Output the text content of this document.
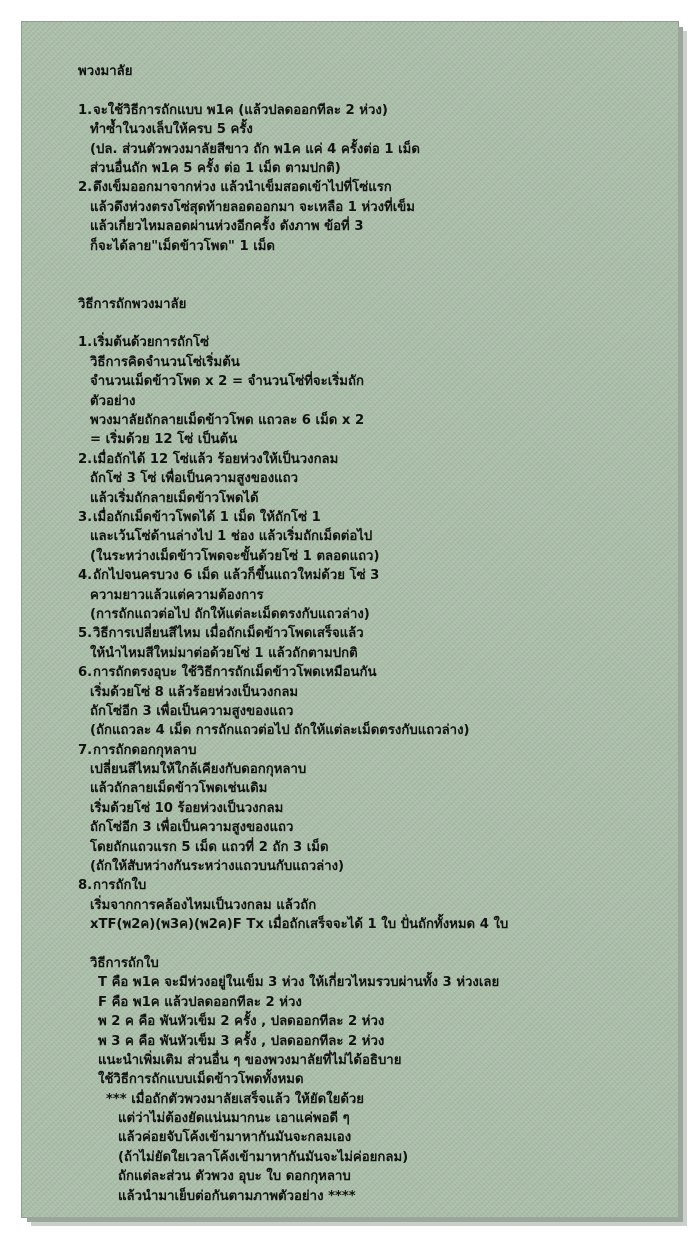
พวงมาลัย
1.จะใช้วิธีการถักแบบ พ1ค (แล้วปลดออกทีละ 2 ห่วง)
ทำซ้ำในวงเล็บให้ครบ 5 ครั้ง
(ปล. ส่วนตัวพวงมาลัยสีขาว ถัก พ1ค แค่ 4 ครั้งต่อ 1 เม็ด
ส่วนอื่นถัก พ1ค 5 ครั้ง ต่อ 1 เม็ด ตามปกติ)
2.ดึงเข็มออกมาจากห่วง แล้วนำเข็มสอดเข้าไปที่โซ่แรก
แล้วดึงห่วงตรงโซ่สุดท้ายลอดออกมา จะเหลือ 1 ห่วงที่เข็ม
แล้วเกี่ยวไหมลอดผ่านห่วงอีกครั้ง ดังภาพ ข้อที่ 3
ก็จะได้ลาย"เม็ดข้าวโพด" 1 เม็ด
วิธีการถักพวงมาลัย
1.เริ่มต้นด้วยการถักโซ่
วิธีการคิดจำนวนโซ่เริ่มต้น
จำนวนเม็ดข้าวโพด x 2 = จำนวนโซ่ที่จะเริ่มถัก
ตัวอย่าง
พวงมาลัยถักลายเม็ดข้าวโพด แถวละ 6 เม็ด x 2
= เริ่มด้วย 12 โซ่ เป็นต้น
2.เมื่อถักได้ 12 โซ่แล้ว ร้อยห่วงให้เป็นวงกลม
ถักโซ่ 3 โซ่ เพื่อเป็นความสูงของแถว
แล้วเริ่มถักลายเม็ดข้าวโพดได้
3.เมื่อถักเม็ดข้าวโพดได้ 1 เม็ด ให้ถักโซ่ 1
และเว้นโซ่ด้านล่างไป 1 ช่อง แล้วเริ่มถักเม็ดต่อไป
(ในระหว่างเม็ดข้าวโพดจะขั้นด้วยโซ่ 1 ตลอดแถว)
4.ถักไปจนครบวง 6 เม็ด แล้วก็ขึ้นแถวใหม่ด้วย โซ่ 3
ความยาวแล้วแต่ความต้องการ
(การถักแถวต่อไป ถักให้แต่ละเม็ดตรงกับแถวล่าง)
5.วิธีการเปลี่ยนสีไหม เมื่อถักเม็ดข้าวโพดเสร็จแล้ว
ให้นำไหมสีใหม่มาต่อด้วยโซ่ 1 แล้วถักตามปกติ
6.การถักตรงอุบะ ใช้วิธีการถักเม็ดข้าวโพดเหมือนกัน
เริ่มด้วยโซ่ 8 แล้วร้อยห่วงเป็นวงกลม
ถักโซ่อีก 3 เพื่อเป็นความสูงของแถว
(ถักแถวละ 4 เม็ด การถักแถวต่อไป ถักให้แต่ละเม็ดตรงกับแถวล่าง)
7.การถักดอกกุหลาบ
เปลี่ยนสีไหมให้ใกล้เคียงกับดอกกุหลาบ
แล้วถักลายเม็ดข้าวโพดเช่นเดิม
เริ่มด้วยโซ่ 10 ร้อยห่วงเป็นวงกลม
ถักโซ่อีก 3 เพื่อเป็นความสูงของแถว
โดยถักแถวแรก 5 เม็ด แถวที่ 2 ถัก 3 เม็ด
(ถักให้สับหว่างกันระหว่างแถวบนกับแถวล่าง)
8.การถักใบ
เริ่มจากการคล้องไหมเป็นวงกลม แล้วถัก
xTF(พ2ค)(พ3ค)(พ2ค)F Tx เมื่อถักเสร็จจะได้ 1 ใบ ปั่นถักทั้งหมด 4 ใบ
วิธีการถักใบ
T คือ พ1ค จะมีห่วงอยู่ในเข็ม 3 ห่วง ให้เกี่ยวไหมรวบผ่านทั้ง 3 ห่วงเลย
F คือ พ1ค แล้วปลดออกทีละ 2 ห่วง
พ 2 ค คือ พันหัวเข็ม 2 ครั้ง , ปลดออกทีละ 2 ห่วง
พ 3 ค คือ พันหัวเข็ม 3 ครั้ง , ปลดออกทีละ 2 ห่วง
แนะนำเพิ่มเติม ส่วนอื่น ๆ ของพวงมาลัยที่ไม่ได้อธิบาย
ใช้วิธีการถักแบบเม็ดข้าวโพดทั้งหมด
*** เมื่อถักตัวพวงมาลัยเสร็จแล้ว ให้ยัดใยด้วย
แต่ว่าไม่ต้องยัดแน่นมากนะ เอาแค่พอดี ๆ
แล้วค่อยจับโค้งเข้ามาหากันมันจะกลมเอง
(ถ้าไม่ยัดใยเวลาโค้งเข้ามาหากันมันจะไม่ค่อยกลม)
ถักแต่ละส่วน ตัวพวง อุบะ ใบ ดอกกุหลาบ
แล้วนำมาเย็บต่อกันตามภาพตัวอย่าง ****
